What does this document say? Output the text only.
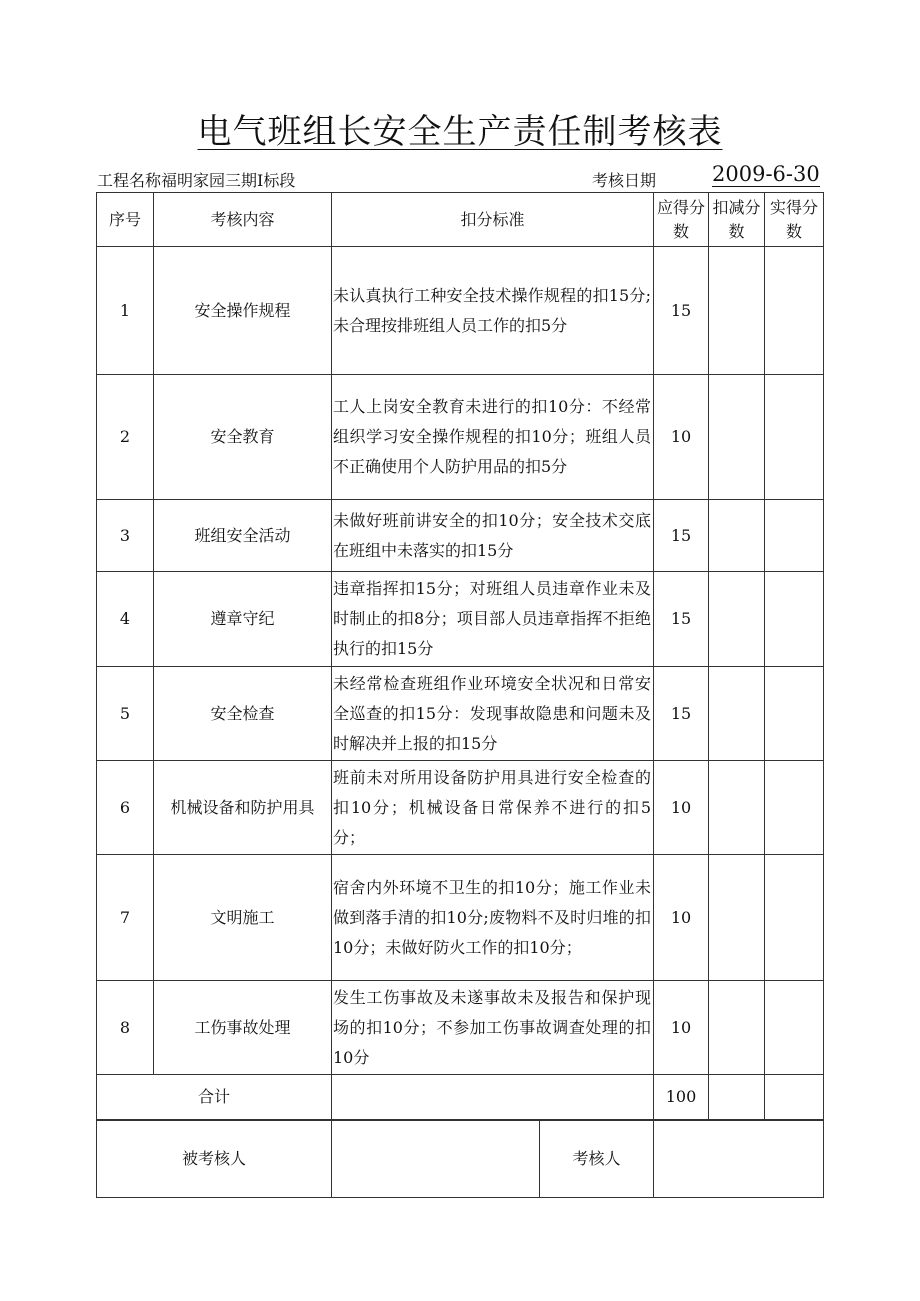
电气班组长安全生产责任制考核表
工程名称福明家园三期Ⅰ标段	考核日期	2009-6-30
序号	考核内容	扣分标准	应得分数	扣减分数	实得分数
1	安全操作规程	未认真执行工种安全技术操作规程的扣15分;未合理按排班组人员工作的扣5分	15		
2	安全教育	工人上岗安全教育未进行的扣10分：不经常组织学习安全操作规程的扣10分；班组人员不正确使用个人防护用品的扣5分	10		
3	班组安全活动	未做好班前讲安全的扣10分；安全技术交底在班组中未落实的扣15分	15		
4	遵章守纪	违章指挥扣15分；对班组人员违章作业未及时制止的扣8分；项目部人员违章指挥不拒绝执行的扣15分	15		
5	安全检查	未经常检查班组作业环境安全状况和日常安全巡查的扣15分：发现事故隐患和问题未及时解决并上报的扣15分	15		
6	机械设备和防护用具	班前未对所用设备防护用具进行安全检查的扣10分；机械设备日常保养不进行的扣5分；	10		
7	文明施工	宿舍内外环境不卫生的扣10分；施工作业未做到落手清的扣10分;废物料不及时归堆的扣10分；未做好防火工作的扣10分；	10		
8	工伤事故处理	发生工伤事故及未遂事故未及报告和保护现场的扣10分；不参加工伤事故调查处理的扣10分	10		
合计			100		
被考核人		考核人	
